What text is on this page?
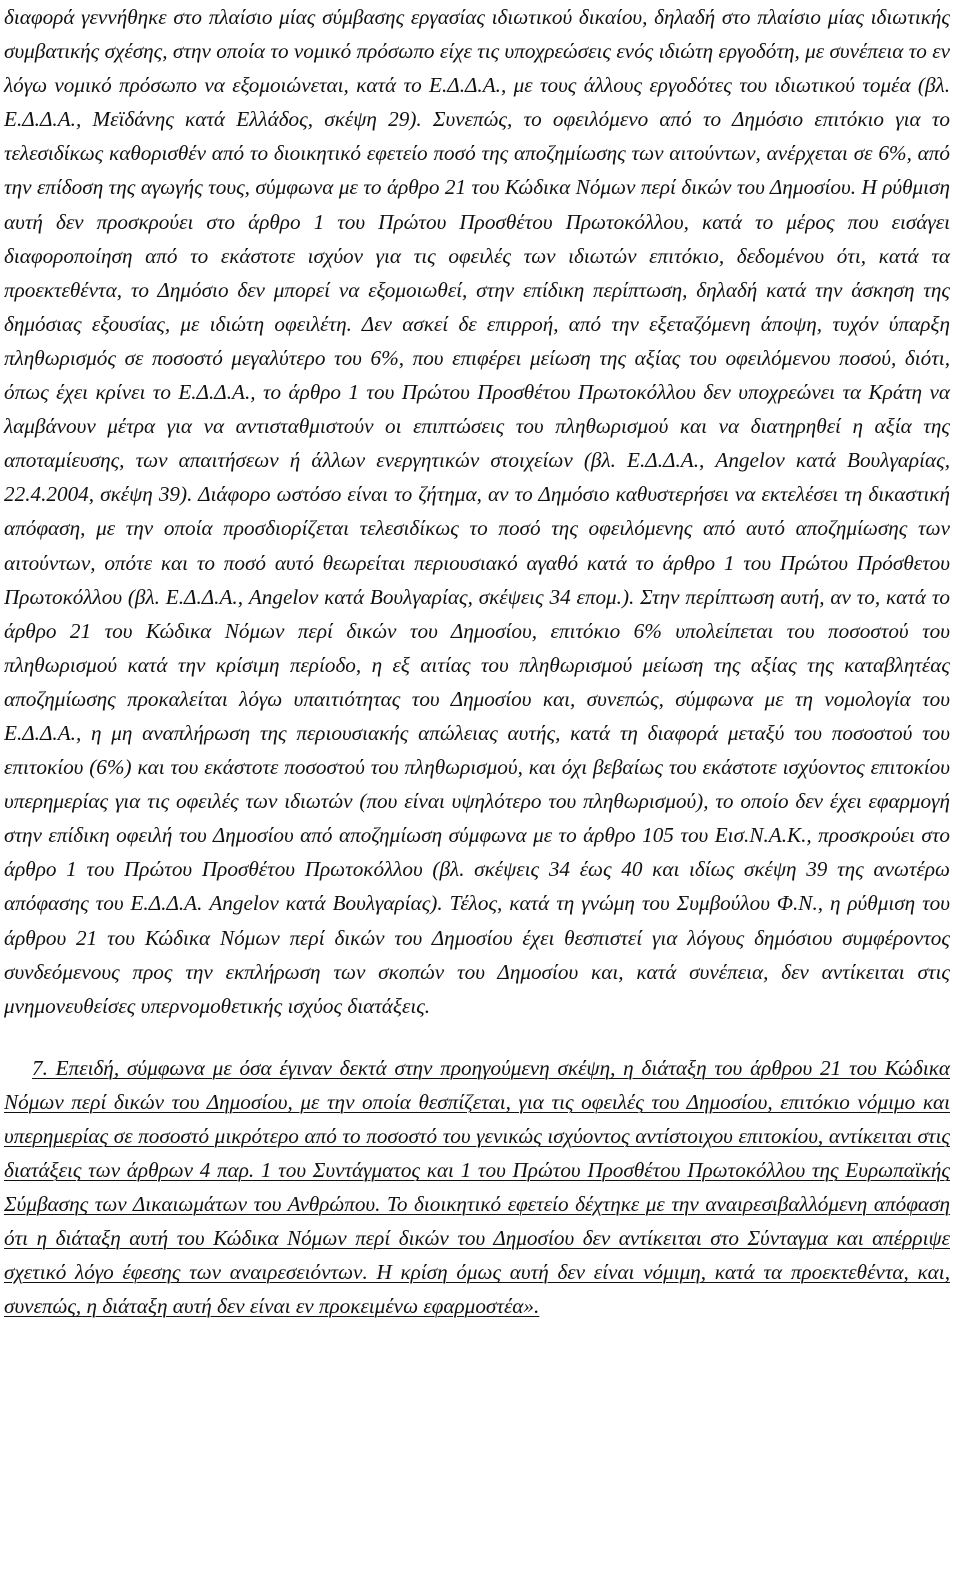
διαφορά γεννήθηκε στο πλαίσιο μίας σύμβασης εργασίας ιδιωτικού δικαίου, δηλαδή στο πλαίσιο μίας ιδιωτικής συμβατικής σχέσης, στην οποία το νομικό πρόσωπο είχε τις υποχρεώσεις ενός ιδιώτη εργοδότη, με συνέπεια το εν λόγω νομικό πρόσωπο να εξομοιώνεται, κατά το Ε.Δ.Δ.Α., με τους άλλους εργοδότες του ιδιωτικού τομέα (βλ. Ε.Δ.Δ.Α., Μεϊδάνης κατά Ελλάδος, σκέψη 29). Συνεπώς, το οφειλόμενο από το Δημόσιο επιτόκιο για το τελεσιδίκως καθορισθέν από το διοικητικό εφετείο ποσό της αποζημίωσης των αιτούντων, ανέρχεται σε 6%, από την επίδοση της αγωγής τους, σύμφωνα με το άρθρο 21 του Κώδικα Νόμων περί δικών του Δημοσίου. Η ρύθμιση αυτή δεν προσκρούει στο άρθρο 1 του Πρώτου Προσθέτου Πρωτοκόλλου, κατά το μέρος που εισάγει διαφοροποίηση από το εκάστοτε ισχύον για τις οφειλές των ιδιωτών επιτόκιο, δεδομένου ότι, κατά τα προεκτεθέντα, το Δημόσιο δεν μπορεί να εξομοιωθεί, στην επίδικη περίπτωση, δηλαδή κατά την άσκηση της δημόσιας εξουσίας, με ιδιώτη οφειλέτη. Δεν ασκεί δε επιρροή, από την εξεταζόμενη άποψη, τυχόν ύπαρξη πληθωρισμός σε ποσοστό μεγαλύτερο του 6%, που επιφέρει μείωση της αξίας του οφειλόμενου ποσού, διότι, όπως έχει κρίνει το Ε.Δ.Δ.Α., το άρθρο 1 του Πρώτου Προσθέτου Πρωτοκόλλου δεν υποχρεώνει τα Κράτη να λαμβάνουν μέτρα για να αντισταθμιστούν οι επιπτώσεις του πληθωρισμού και να διατηρηθεί η αξία της αποταμίευσης, των απαιτήσεων ή άλλων ενεργητικών στοιχείων (βλ. Ε.Δ.Δ.Α., Angelov κατά Βουλγαρίας, 22.4.2004, σκέψη 39). Διάφορο ωστόσο είναι το ζήτημα, αν το Δημόσιο καθυστερήσει να εκτελέσει τη δικαστική απόφαση, με την οποία προσδιορίζεται τελεσιδίκως το ποσό της οφειλόμενης από αυτό αποζημίωσης των αιτούντων, οπότε και το ποσό αυτό θεωρείται περιουσιακό αγαθό κατά το άρθρο 1 του Πρώτου Πρόσθετου Πρωτοκόλλου (βλ. Ε.Δ.Δ.Α., Angelov κατά Βουλγαρίας, σκέψεις 34 επομ.). Στην περίπτωση αυτή, αν το, κατά το άρθρο 21 του Κώδικα Νόμων περί δικών του Δημοσίου, επιτόκιο 6% υπολείπεται του ποσοστού του πληθωρισμού κατά την κρίσιμη περίοδο, η εξ αιτίας του πληθωρισμού μείωση της αξίας της καταβλητέας αποζημίωσης προκαλείται λόγω υπαιτιότητας του Δημοσίου και, συνεπώς, σύμφωνα με τη νομολογία του Ε.Δ.Δ.Α., η μη αναπλήρωση της περιουσιακής απώλειας αυτής, κατά τη διαφορά μεταξύ του ποσοστού του επιτοκίου (6%) και του εκάστοτε ποσοστού του πληθωρισμού, και όχι βεβαίως του εκάστοτε ισχύοντος επιτοκίου υπερημερίας για τις οφειλές των ιδιωτών (που είναι υψηλότερο του πληθωρισμού), το οποίο δεν έχει εφαρμογή στην επίδικη οφειλή του Δημοσίου από αποζημίωση σύμφωνα με το άρθρο 105 του Εισ.Ν.Α.Κ., προσκρούει στο άρθρο 1 του Πρώτου Προσθέτου Πρωτοκόλλου (βλ. σκέψεις 34 έως 40 και ιδίως σκέψη 39 της ανωτέρω απόφασης του Ε.Δ.Δ.Α. Angelov κατά Βουλγαρίας). Τέλος, κατά τη γνώμη του Συμβούλου Φ.Ν., η ρύθμιση του άρθρου 21 του Κώδικα Νόμων περί δικών του Δημοσίου έχει θεσπιστεί για λόγους δημόσιου συμφέροντος συνδεόμενους προς την εκπλήρωση των σκοπών του Δημοσίου και, κατά συνέπεια, δεν αντίκειται στις μνημονευθείσες υπερνομοθετικής ισχύος διατάξεις.

7. Επειδή, σύμφωνα με όσα έγιναν δεκτά στην προηγούμενη σκέψη, η διάταξη του άρθρου 21 του Κώδικα Νόμων περί δικών του Δημοσίου, με την οποία θεσπίζεται, για τις οφειλές του Δημοσίου, επιτόκιο νόμιμο και υπερημερίας σε ποσοστό μικρότερο από το ποσοστό του γενικώς ισχύοντος αντίστοιχου επιτοκίου, αντίκειται στις διατάξεις των άρθρων 4 παρ. 1 του Συντάγματος και 1 του Πρώτου Προσθέτου Πρωτοκόλλου της Ευρωπαϊκής Σύμβασης των Δικαιωμάτων του Ανθρώπου. Το διοικητικό εφετείο δέχτηκε με την αναιρεσιβαλλόμενη απόφαση ότι η διάταξη αυτή του Κώδικα Νόμων περί δικών του Δημοσίου δεν αντίκειται στο Σύνταγμα και απέρριψε σχετικό λόγο έφεσης των αναιρεσειόντων. Η κρίση όμως αυτή δεν είναι νόμιμη, κατά τα προεκτεθέντα, και, συνεπώς, η διάταξη αυτή δεν είναι εν προκειμένω εφαρμοστέα».
